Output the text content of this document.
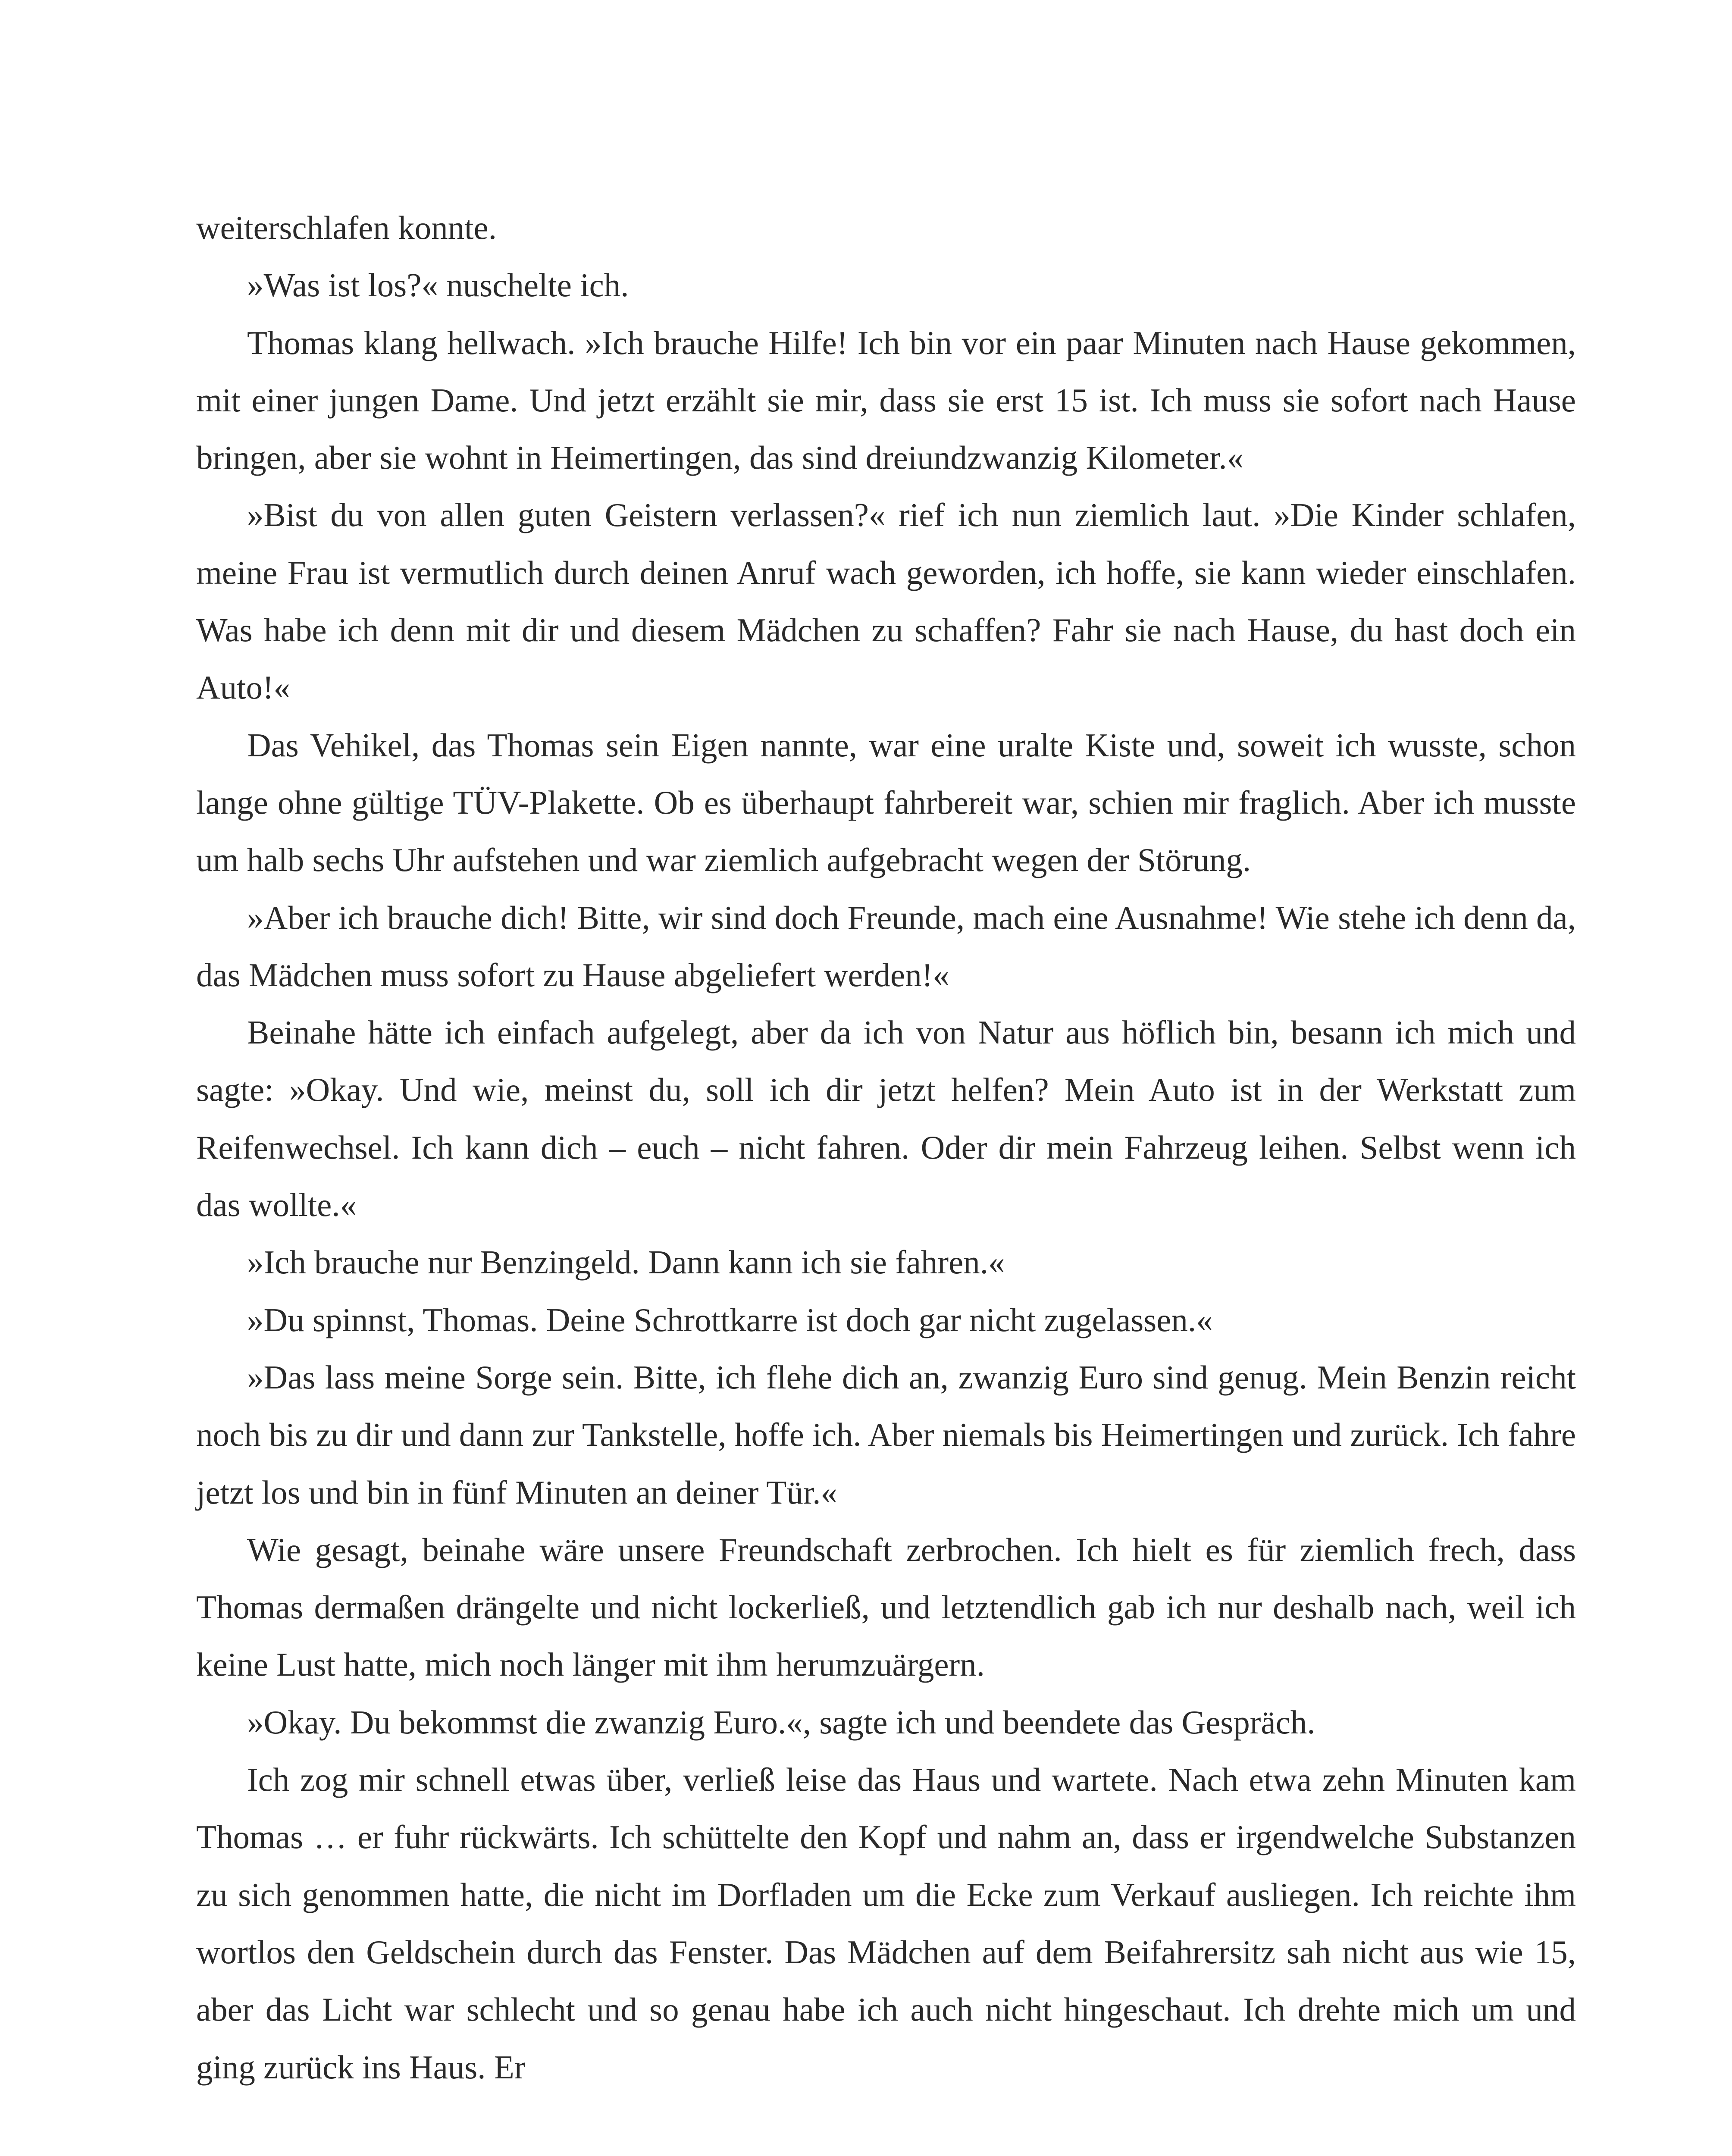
weiterschlafen konnte.

»Was ist los?« nuschelte ich.

Thomas klang hellwach. »Ich brauche Hilfe! Ich bin vor ein paar Minuten nach Hause gekommen, mit einer jungen Dame. Und jetzt erzählt sie mir, dass sie erst 15 ist. Ich muss sie sofort nach Hause bringen, aber sie wohnt in Heimertingen, das sind dreiundzwanzig Kilometer.«

»Bist du von allen guten Geistern verlassen?« rief ich nun ziemlich laut. »Die Kinder schlafen, meine Frau ist vermutlich durch deinen Anruf wach geworden, ich hoffe, sie kann wieder einschlafen. Was habe ich denn mit dir und diesem Mädchen zu schaffen? Fahr sie nach Hause, du hast doch ein Auto!«

Das Vehikel, das Thomas sein Eigen nannte, war eine uralte Kiste und, soweit ich wusste, schon lange ohne gültige TÜV-Plakette. Ob es überhaupt fahrbereit war, schien mir fraglich. Aber ich musste um halb sechs Uhr aufstehen und war ziemlich aufgebracht wegen der Störung.

»Aber ich brauche dich! Bitte, wir sind doch Freunde, mach eine Ausnahme! Wie stehe ich denn da, das Mädchen muss sofort zu Hause abgeliefert werden!«

Beinahe hätte ich einfach aufgelegt, aber da ich von Natur aus höflich bin, besann ich mich und sagte: »Okay. Und wie, meinst du, soll ich dir jetzt helfen? Mein Auto ist in der Werkstatt zum Reifenwechsel. Ich kann dich – euch – nicht fahren. Oder dir mein Fahrzeug leihen. Selbst wenn ich das wollte.«

»Ich brauche nur Benzingeld. Dann kann ich sie fahren.«

»Du spinnst, Thomas. Deine Schrottkarre ist doch gar nicht zugelassen.«

»Das lass meine Sorge sein. Bitte, ich flehe dich an, zwanzig Euro sind genug. Mein Benzin reicht noch bis zu dir und dann zur Tankstelle, hoffe ich. Aber niemals bis Heimertingen und zurück. Ich fahre jetzt los und bin in fünf Minuten an deiner Tür.«

Wie gesagt, beinahe wäre unsere Freundschaft zerbrochen. Ich hielt es für ziemlich frech, dass Thomas dermaßen drängelte und nicht lockerließ, und letztendlich gab ich nur deshalb nach, weil ich keine Lust hatte, mich noch länger mit ihm herumzuärgern.

»Okay. Du bekommst die zwanzig Euro.«, sagte ich und beendete das Gespräch.

Ich zog mir schnell etwas über, verließ leise das Haus und wartete. Nach etwa zehn Minuten kam Thomas … er fuhr rückwärts. Ich schüttelte den Kopf und nahm an, dass er irgendwelche Substanzen zu sich genommen hatte, die nicht im Dorfladen um die Ecke zum Verkauf ausliegen. Ich reichte ihm wortlos den Geldschein durch das Fenster. Das Mädchen auf dem Beifahrersitz sah nicht aus wie 15, aber das Licht war schlecht und so genau habe ich auch nicht hingeschaut. Ich drehte mich um und ging zurück ins Haus. Er
